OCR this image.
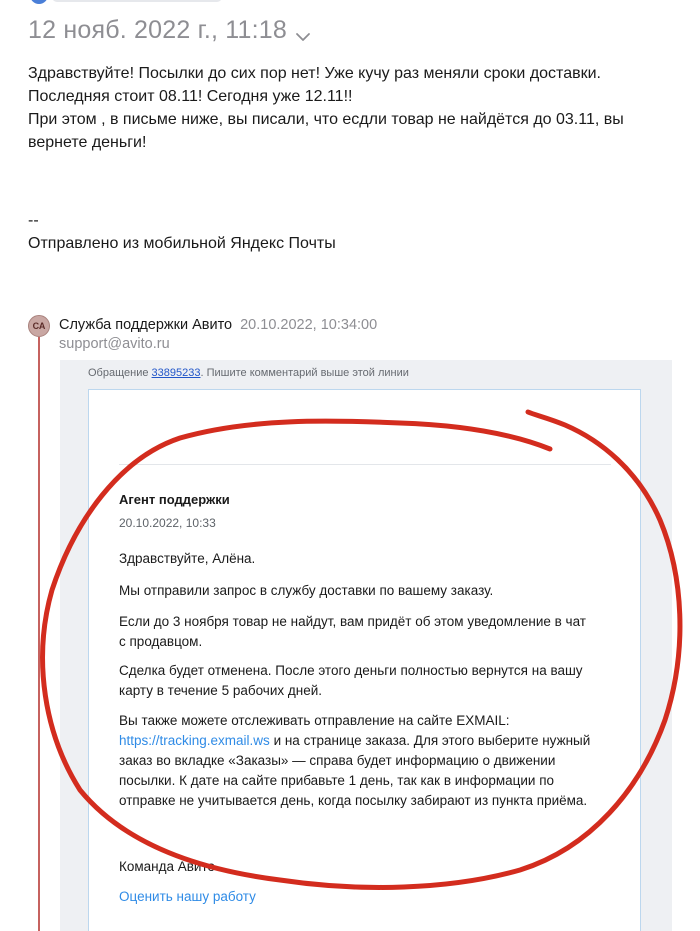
12 нояб. 2022 г., 11:18

Здравствуйте! Посылки до сих пор нет! Уже кучу раз меняли сроки доставки.

Последняя стоит 08.11! Сегодня уже 12.11!!

При этом , в письме ниже, вы писали, что есдли товар не найдётся до 03.11, вы

вернете деньги!

--
Отправлено из мобильной Яндекс Почты
СА Служба поддержки Авито 20.10.2022, 10:34:00
support@avito.ru
Обращение 33895233. Пишите комментарий выше этой линии
Агент поддержки
20.10.2022, 10:33
Здравствуйте, Алёна.
Мы отправили запрос в службу доставки по вашему заказу.
Если до 3 ноября товар не найдут, вам придёт об этом уведомление в чат
с продавцом.
Сделка будет отменена. После этого деньги полностью вернутся на вашу
карту в течение 5 рабочих дней.
Вы также можете отслеживать отправление на сайте EXMAIL:
https://tracking.exmail.ws и на странице заказа. Для этого выберите нужный
заказ во вкладке «Заказы» — справа будет информацию о движении
посылки. К дате на сайте прибавьте 1 день, так как в информации по
отправке не учитывается день, когда посылку забирают из пункта приёма.
Команда Авито
Оценить нашу работу
